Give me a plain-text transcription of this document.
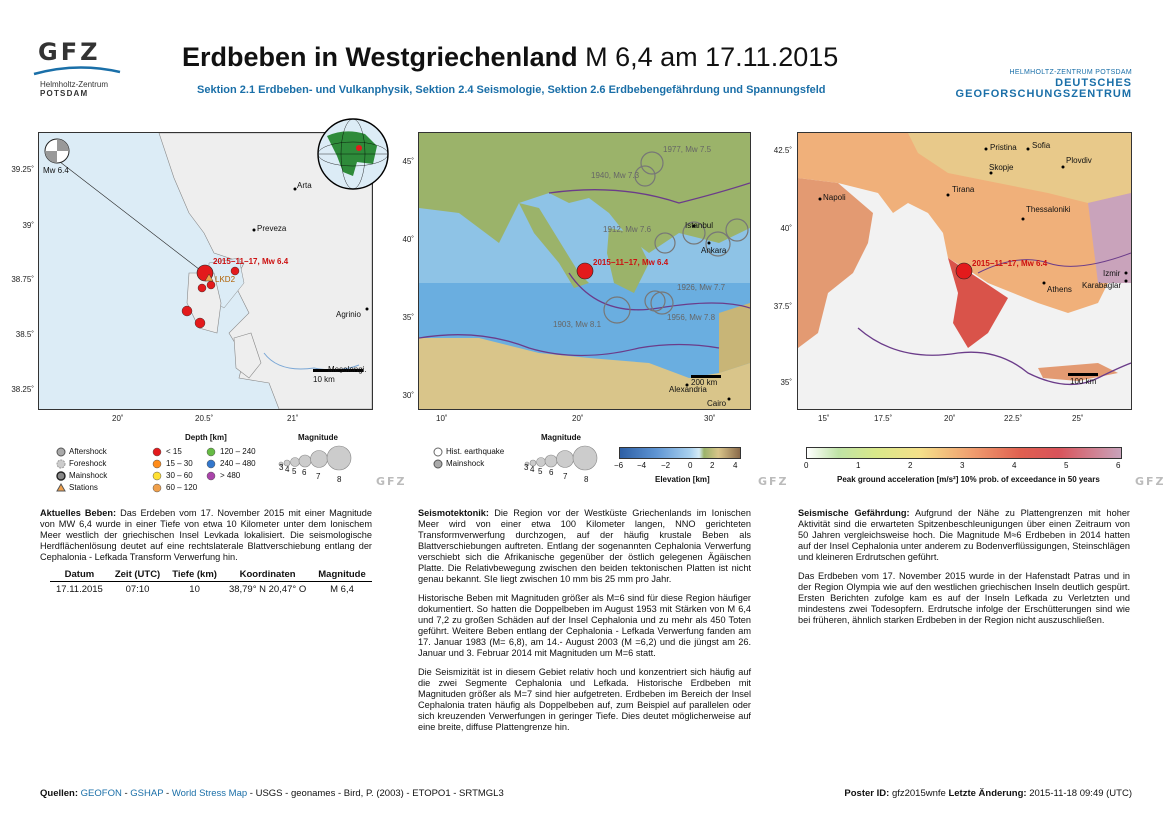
GFZ
Helmholtz-Zentrum
POTSDAM
Erdbeben in Westgriechenland M 6,4 am 17.11.2015
Sektion 2.1 Erdbeben- und Vulkanphysik, Sektion 2.4 Seismologie, Sektion 2.6 Erdbebengefährdung und Spannungsfeld
HELMHOLTZ-ZENTRUM POTSDAM
DEUTSCHES
GEOFORSCHUNGSZENTRUM
Mw 6.4
2015−11−17, Mw 6.4
LKD2
Arta
Preveza
Agrinio
Mesolongi.
10 km
39.25˚
39˚
38.75˚
38.5˚
38.25˚
20˚	20.5˚	21˚
1977, Mw 7.5
1940, Mw 7.3
1912, Mw 7.6
1926, Mw 7.7
1903, Mw 8.1
1956, Mw 7.8
2015−11−17, Mw 6.4
Istanbul
Ankara
Alexandria
Cairo
200 km
45˚
40˚
35˚
30˚
10˚	20˚	30˚
Pristina Sofia
Skopje
Plovdiv
Napoli
Tirana
Thessaloniki
Izmir
Athens Karabaglar
2015−11−17, Mw 6.4
100 km
42.5˚
40˚
37.5˚
35˚
15˚	17.5˚	20˚	22.5˚	25˚
Aftershock
Foreshock
Mainshock
Stations
Depth [km]
< 15
15 – 30
30 – 60
60 – 120
120 – 240
240 – 480
> 480
Magnitude
3 4 5 6 7 8	GFZ
Hist. earthquake
Mainshock
Magnitude
3 4 5 6 7 8
−6 −4 −2 0 2 4
Elevation [km]	GFZ
0	1	2	3	4	5	6
Peak ground acceleration [m/s²] 10% prob. of exceedance in 50 years	GFZ

Aktuelles Beben: Das Erdeben vom 17. November 2015 mit einer Magnitude von MW 6,4 wurde in einer Tiefe von etwa 10 Kilometer unter dem Ionischem Meer westlich der griechischen Insel Levkada lokalisiert. Die seismologische Herdflächenlösung deutet auf eine rechtslaterale Blattverschiebung entlang der Cephalonia - Lefkada Transform Verwerfung hin.

Datum	Zeit (UTC)	Tiefe (km)	Koordinaten	Magnitude
17.11.2015	07:10	10	38,79° N 20,47° O	M 6,4

Seismotektonik: Die Region vor der Westküste Griechenlands im Ionischen Meer wird von einer etwa 100 Kilometer langen, NNO gerichteten Transformverwerfung durchzogen, auf der häufig krustale Beben als Blattverschiebungen auftreten. Entlang der sogenannten Cephalonia Verwerfung verschiebt sich die Afrikanische gegenüber der östlich gelegenen Ägäischen Platte. Die Relativbewegung zwischen den beiden tektonischen Platten ist nicht genau bekannt. SIe liegt zwischen 10 mm bis 25 mm pro Jahr.

Historische Beben mit Magnituden größer als M=6 sind für diese Region häufiger dokumentiert. So hatten die Doppelbeben im August 1953 mit Stärken von M 6,4 und 7,2 zu großen Schäden auf der Insel Cephalonia und zu mehr als 450 Toten geführt. Weitere Beben entlang der Cephalonia - Lefkada Verwerfung fanden am 17. Januar 1983 (M= 6,8), am 14.- August 2003 (M =6,2) und die jüngst am 26. Januar und 3. Februar 2014 mit Magnituden um M=6 statt.

Die Seismizität ist in diesem Gebiet relativ hoch und konzentriert sich häufig auf die zwei Segmente Cephalonia und Lefkada. Historische Erdbeben mit Magnituden größer als M=7 sind hier aufgetreten. Erdbeben im Bereich der Insel Cephalonia traten häufig als Doppelbeben auf, zum Beispiel auf parallelen oder sich kreuzenden Verwerfungen in geringer Tiefe. Dies deutet möglicherweise auf eine breite, diffuse Plattengrenze hin.

Seismische Gefährdung: Aufgrund der Nähe zu Plattengrenzen mit hoher Aktivität sind die erwarteten Spitzenbeschleunigungen über einen Zeitraum von 50 Jahren vergleichsweise hoch. Die Magnitude M≈6 Erdbeben in 2014 hatten auf der Insel Cephalonia unter anderem zu Bodenverflüssigungen, Steinschlägen und kleineren Erdrutschen geführt.

Das Erdbeben vom 17. November 2015 wurde in der Hafenstadt Patras und in der Region Olympia wie auf den westlichen griechischen Inseln deutlich gespürt. Ersten Berichten zufolge kam es auf der Inseln Lefkada zu Verletzten und mindestens zwei Todesopfern. Erdrutsche infolge der Erschütterungen sind wie bei früheren, ähnlich starken Erdbeben in der Region nicht auszuschließen.

Quellen: GEOFON - GSHAP - World Stress Map - USGS - geonames - Bird, P. (2003) - ETOPO1 - SRTMGL3	Poster ID: gfz2015wnfe Letzte Änderung: 2015-11-18 09:49 (UTC)
